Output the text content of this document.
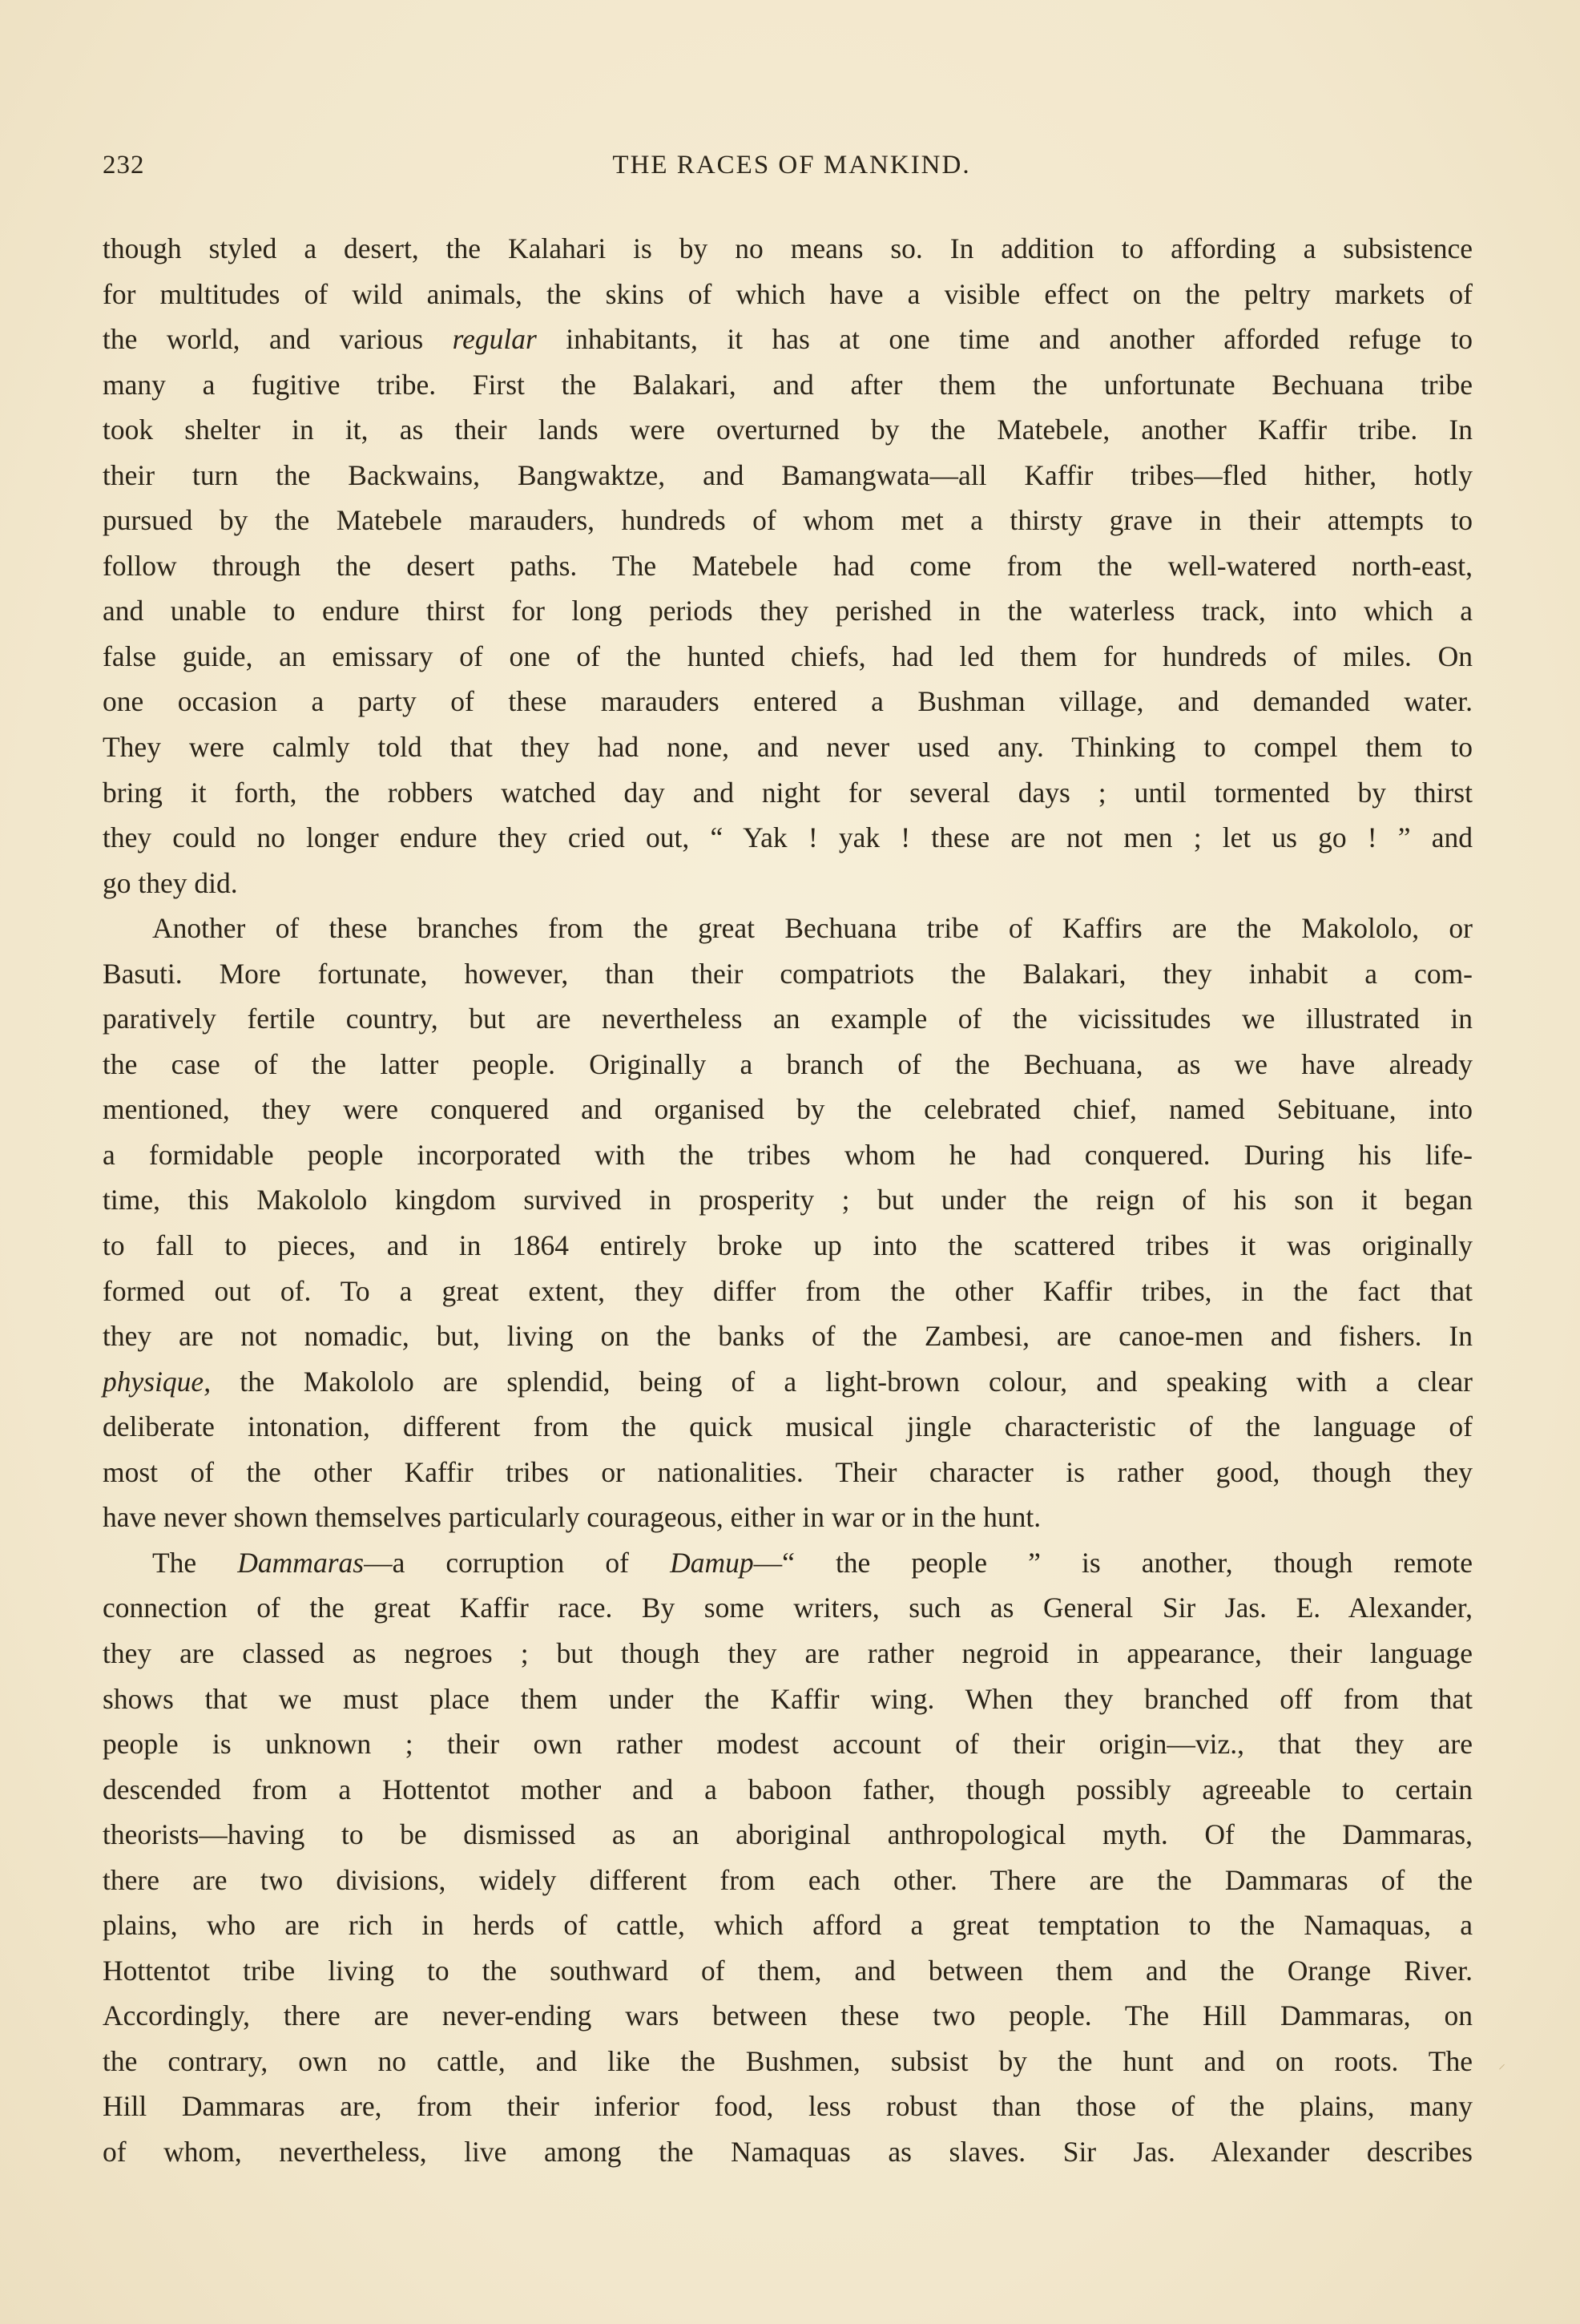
232	THE RACES OF MANKIND.
though styled a desert, the Kalahari is by no means so. In addition to affording a subsistence
for multitudes of wild animals, the skins of which have a visible effect on the peltry markets of
the world, and various regular inhabitants, it has at one time and another afforded refuge to
many a fugitive tribe. First the Balakari, and after them the unfortunate Bechuana tribe
took shelter in it, as their lands were overturned by the Matebele, another Kaffir tribe. In
their turn the Backwains, Bangwaktze, and Bamangwata—all Kaffir tribes—fled hither, hotly
pursued by the Matebele marauders, hundreds of whom met a thirsty grave in their attempts to
follow through the desert paths. The Matebele had come from the well-watered north-east,
and unable to endure thirst for long periods they perished in the waterless track, into which a
false guide, an emissary of one of the hunted chiefs, had led them for hundreds of miles. On
one occasion a party of these marauders entered a Bushman village, and demanded water.
They were calmly told that they had none, and never used any. Thinking to compel them to
bring it forth, the robbers watched day and night for several days ; until tormented by thirst
they could no longer endure they cried out, “ Yak ! yak ! these are not men ; let us go ! ” and
go they did.
Another of these branches from the great Bechuana tribe of Kaffirs are the Makololo, or
Basuti. More fortunate, however, than their compatriots the Balakari, they inhabit a com-
paratively fertile country, but are nevertheless an example of the vicissitudes we illustrated in
the case of the latter people. Originally a branch of the Bechuana, as we have already
mentioned, they were conquered and organised by the celebrated chief, named Sebituane, into
a formidable people incorporated with the tribes whom he had conquered. During his life-
time, this Makololo kingdom survived in prosperity ; but under the reign of his son it began
to fall to pieces, and in 1864 entirely broke up into the scattered tribes it was originally
formed out of. To a great extent, they differ from the other Kaffir tribes, in the fact that
they are not nomadic, but, living on the banks of the Zambesi, are canoe-men and fishers. In
physique, the Makololo are splendid, being of a light-brown colour, and speaking with a clear
deliberate intonation, different from the quick musical jingle characteristic of the language of
most of the other Kaffir tribes or nationalities. Their character is rather good, though they
have never shown themselves particularly courageous, either in war or in the hunt.
The Dammaras—a corruption of Damup—“ the people ” is another, though remote
connection of the great Kaffir race. By some writers, such as General Sir Jas. E. Alexander,
they are classed as negroes ; but though they are rather negroid in appearance, their language
shows that we must place them under the Kaffir wing. When they branched off from that
people is unknown ; their own rather modest account of their origin—viz., that they are
descended from a Hottentot mother and a baboon father, though possibly agreeable to certain
theorists—having to be dismissed as an aboriginal anthropological myth. Of the Dammaras,
there are two divisions, widely different from each other. There are the Dammaras of the
plains, who are rich in herds of cattle, which afford a great temptation to the Namaquas, a
Hottentot tribe living to the southward of them, and between them and the Orange River.
Accordingly, there are never-ending wars between these two people. The Hill Dammaras, on
the contrary, own no cattle, and like the Bushmen, subsist by the hunt and on roots. The
Hill Dammaras are, from their inferior food, less robust than those of the plains, many
of whom, nevertheless, live among the Namaquas as slaves. Sir Jas. Alexander describes
⸝
